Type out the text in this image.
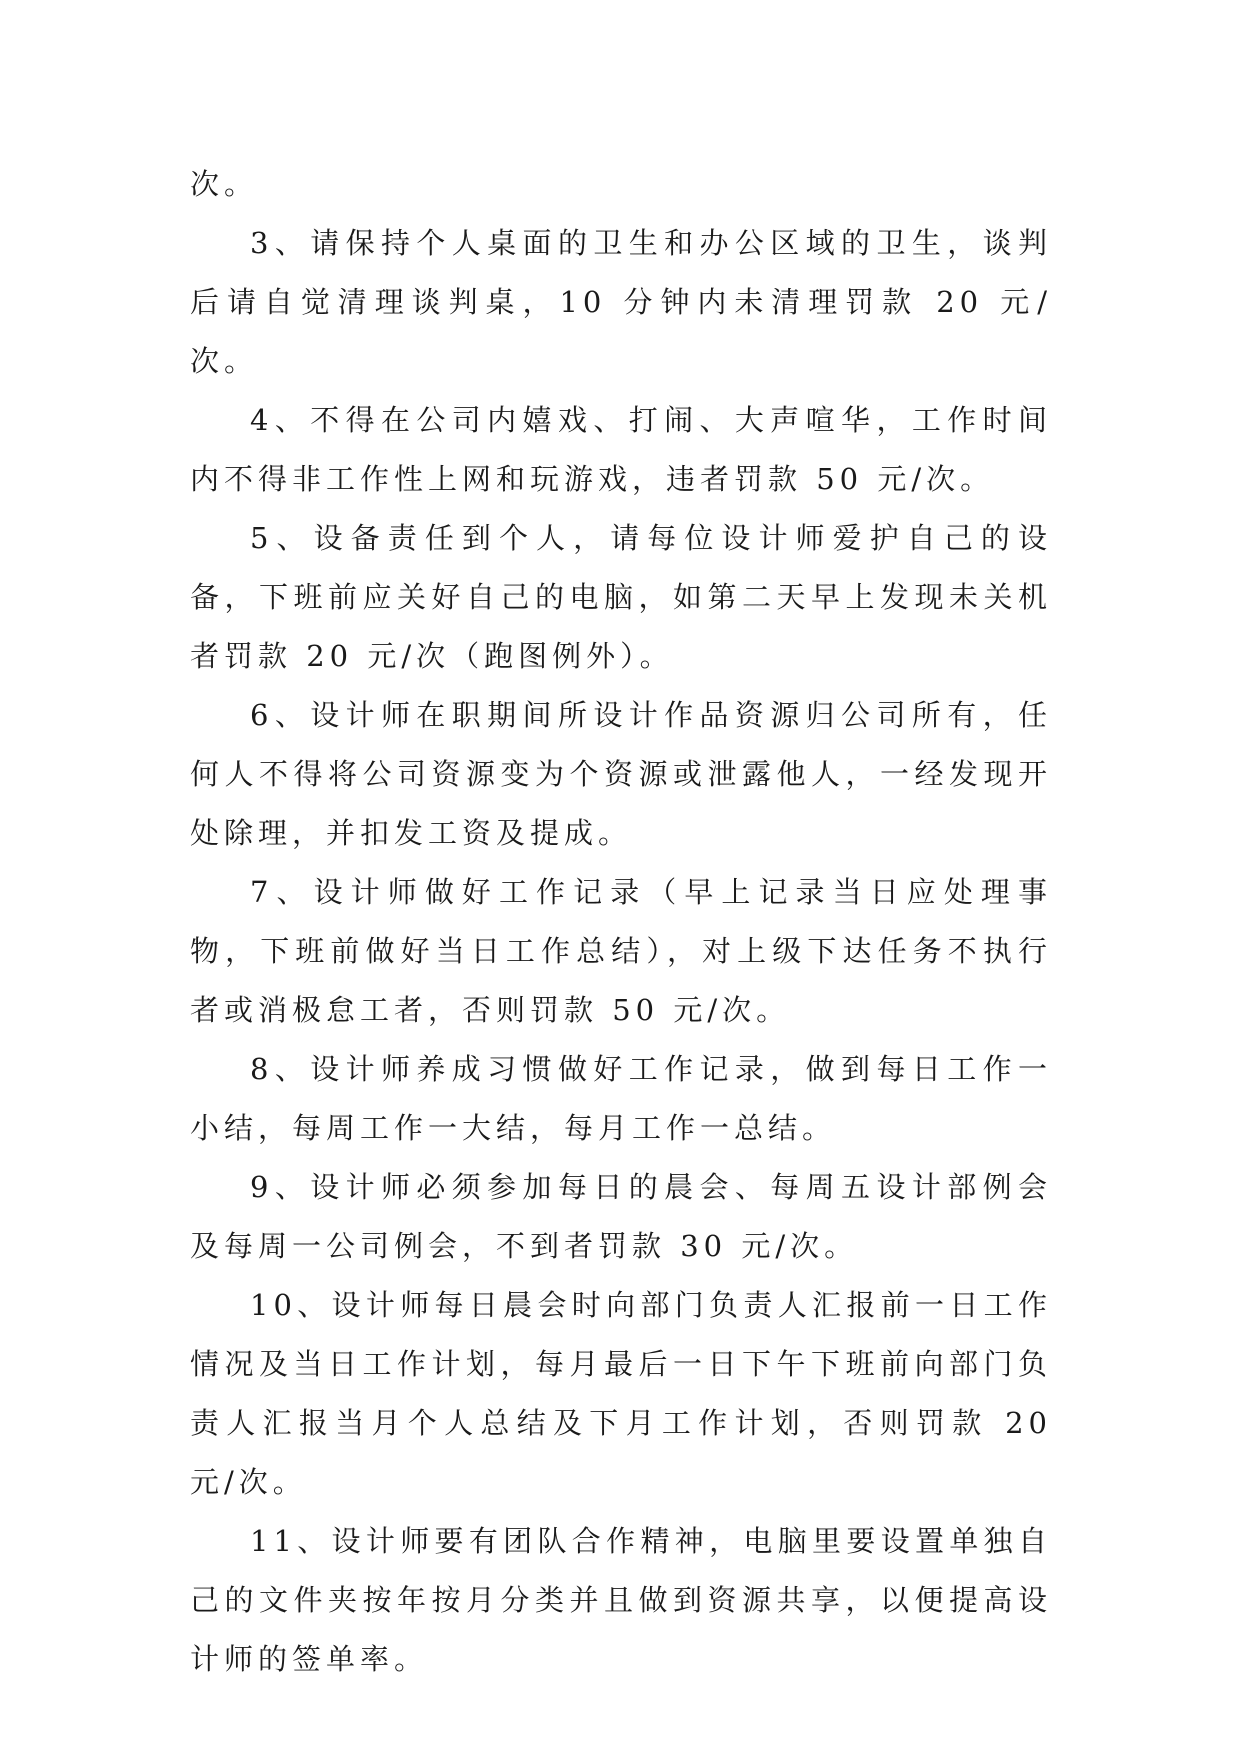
次。

3、请保持个人桌面的卫生和办公区域的卫生，谈判后请自觉清理谈判桌，10 分钟内未清理罚款 20 元/次。

4、不得在公司内嬉戏、打闹、大声喧华，工作时间内不得非工作性上网和玩游戏，违者罚款 50 元/次。

5、设备责任到个人，请每位设计师爱护自己的设备，下班前应关好自己的电脑，如第二天早上发现未关机者罚款 20 元/次（跑图例外）。

6、设计师在职期间所设计作品资源归公司所有，任何人不得将公司资源变为个资源或泄露他人，一经发现开处除理，并扣发工资及提成。

7、设计师做好工作记录（早上记录当日应处理事物，下班前做好当日工作总结），对上级下达任务不执行者或消极怠工者，否则罚款 50 元/次。

8、设计师养成习惯做好工作记录，做到每日工作一小结，每周工作一大结，每月工作一总结。

9、设计师必须参加每日的晨会、每周五设计部例会及每周一公司例会，不到者罚款 30 元/次。

10、设计师每日晨会时向部门负责人汇报前一日工作情况及当日工作计划，每月最后一日下午下班前向部门负责人汇报当月个人总结及下月工作计划，否则罚款 20 元/次。

11、设计师要有团队合作精神，电脑里要设置单独自己的文件夹按年按月分类并且做到资源共享，以便提高设计师的签单率。
